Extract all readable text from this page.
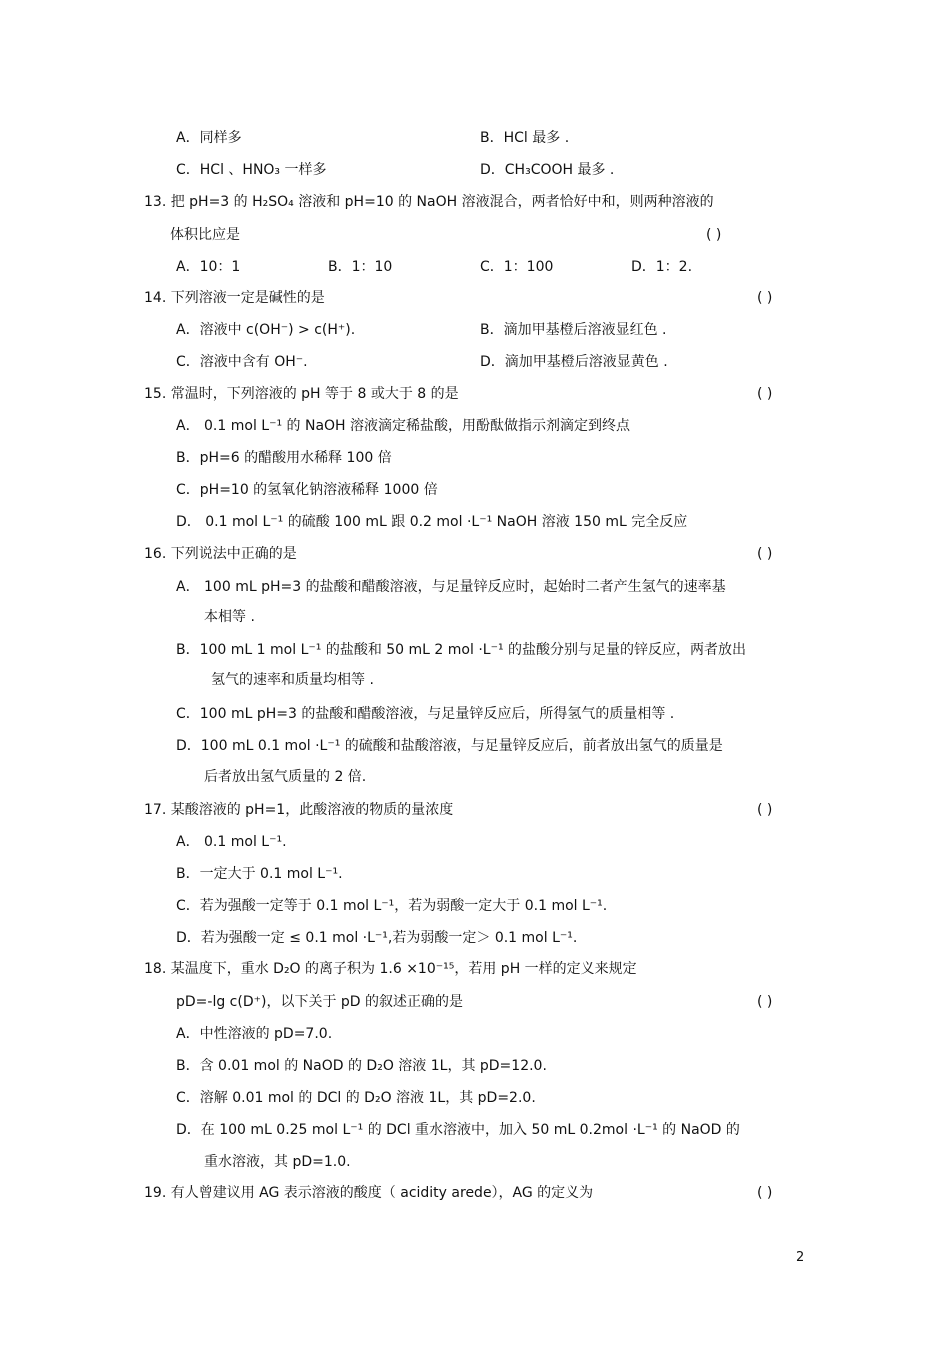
A．同样多	B．HCl 最多 .
C．HCl 、HNO₃ 一样多	D．CH₃COOH 最多 .
13. 把 pH=3 的 H₂SO₄ 溶液和 pH=10 的 NaOH 溶液混合，两者恰好中和，则两种溶液的
体积比应是
A．10：1	B．1：10	C．1：100	D．1：2.
14. 下列溶液一定是碱性的是
A．溶液中 c(OH⁻) > c(H⁺).	B．滴加甲基橙后溶液显红色 .
C．溶液中含有 OH⁻.	D．滴加甲基橙后溶液显黄色 .
15. 常温时，下列溶液的 pH 等于 8 或大于 8 的是
A． 0.1 mol L⁻¹ 的 NaOH 溶液滴定稀盐酸，用酚酞做指示剂滴定到终点
B．pH=6 的醋酸用水稀释 100 倍
C．pH=10 的氢氧化钠溶液稀释 1000 倍
D． 0.1 mol L⁻¹ 的硫酸 100 mL 跟 0.2 mol ·L⁻¹ NaOH 溶液 150 mL 完全反应
16. 下列说法中正确的是
A． 100 mL pH=3 的盐酸和醋酸溶液，与足量锌反应时，起始时二者产生氢气的速率基
本相等 .
B．100 mL 1 mol L⁻¹ 的盐酸和 50 mL 2 mol ·L⁻¹ 的盐酸分别与足量的锌反应，两者放出
氢气的速率和质量均相等 .
C．100 mL pH=3 的盐酸和醋酸溶液，与足量锌反应后，所得氢气的质量相等 .
D．100 mL 0.1 mol ·L⁻¹ 的硫酸和盐酸溶液，与足量锌反应后，前者放出氢气的质量是
后者放出氢气质量的 2 倍.
17. 某酸溶液的 pH=1，此酸溶液的物质的量浓度
A． 0.1 mol L⁻¹.
B．一定大于 0.1 mol L⁻¹.
C．若为强酸一定等于 0.1 mol L⁻¹，若为弱酸一定大于 0.1 mol L⁻¹.
D．若为强酸一定 ≤ 0.1 mol ·L⁻¹,若为弱酸一定＞ 0.1 mol L⁻¹.
18. 某温度下，重水 D₂O 的离子积为 1.6 ×10⁻¹⁵，若用 pH 一样的定义来规定
pD=-lg c(D⁺)，以下关于 pD 的叙述正确的是
A．中性溶液的 pD=7.0.
B．含 0.01 mol 的 NaOD 的 D₂O 溶液 1L，其 pD=12.0.
C．溶解 0.01 mol 的 DCl 的 D₂O 溶液 1L，其 pD=2.0.
D．在 100 mL 0.25 mol L⁻¹ 的 DCl 重水溶液中，加入 50 mL 0.2mol ·L⁻¹ 的 NaOD 的
重水溶液，其 pD=1.0.
19. 有人曾建议用 AG 表示溶液的酸度（ acidity arede），AG 的定义为
( )
( )
( )
( )
( )
( )
( )
2
